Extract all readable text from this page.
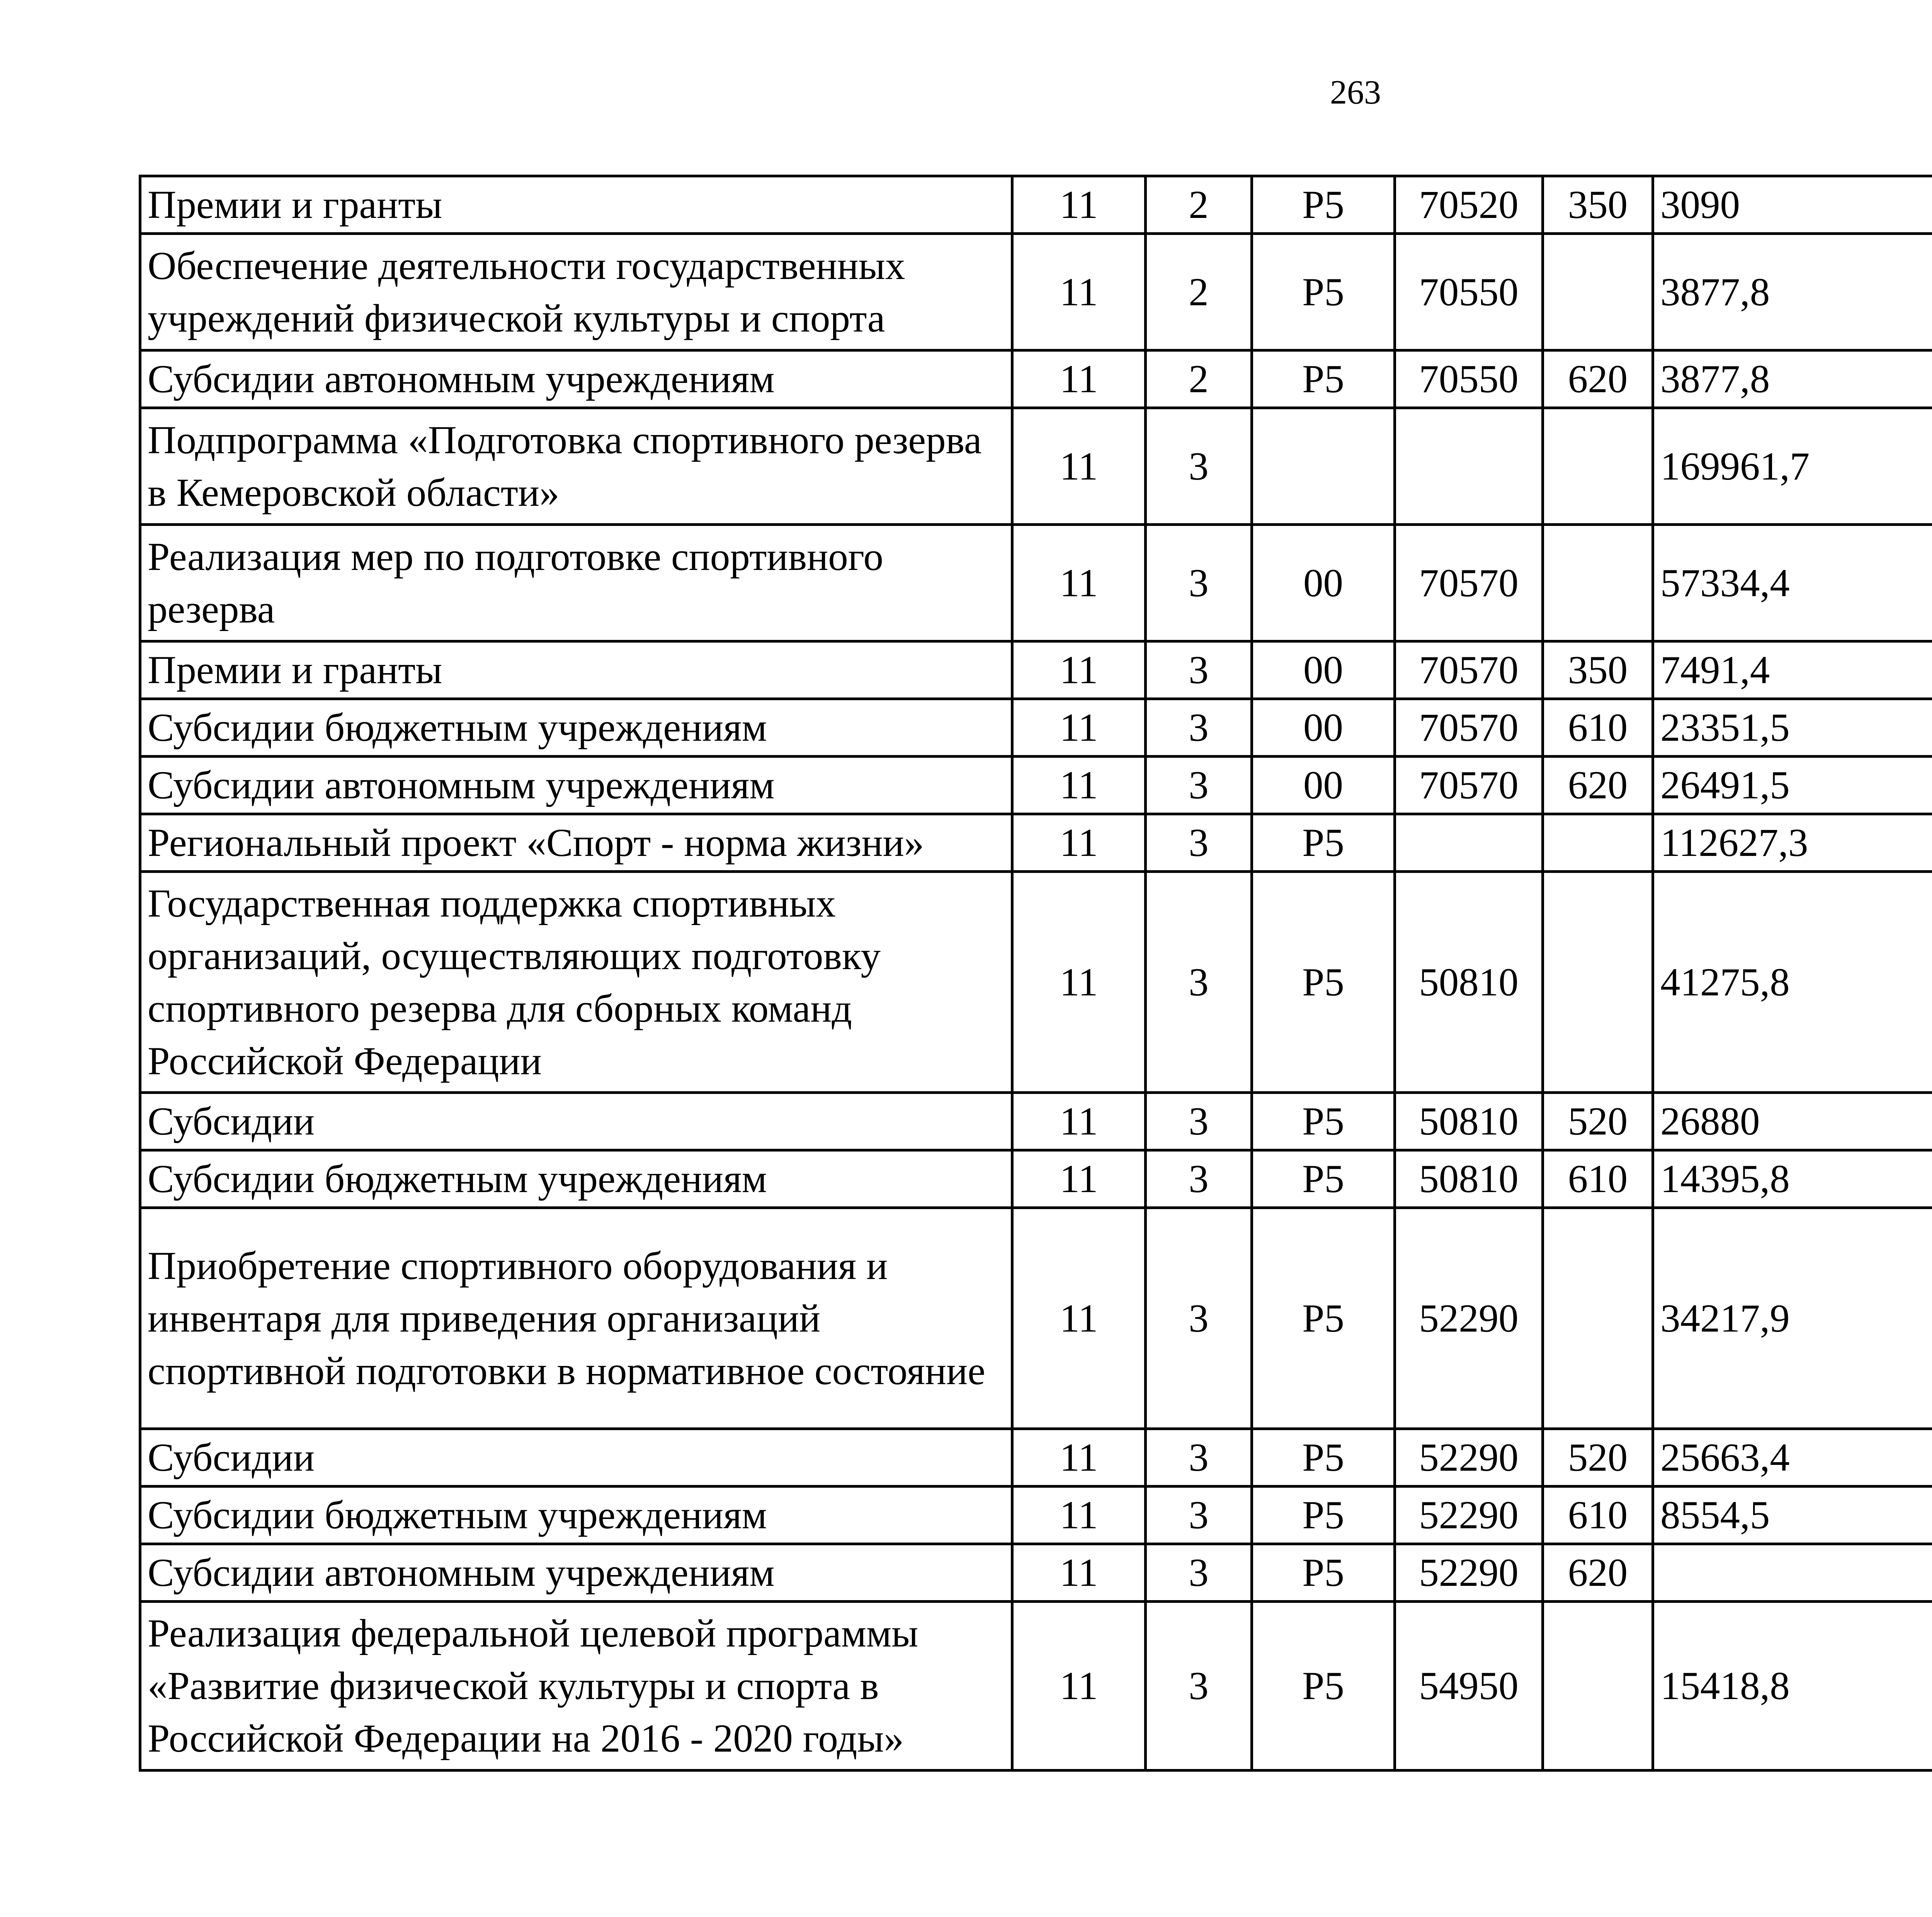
263
Премии и гранты	11	2	P5	70520	350	3090		
Обеспечение деятельности государственных учреждений физической культуры и спорта	11	2	P5	70550		3877,8		
Субсидии автономным учреждениям	11	2	P5	70550	620	3877,8		
Подпрограмма «Подготовка спортивного резерва в Кемеровской области»	11	3				169961,7		
Реализация мер по подготовке спортивного резерва	11	3	00	70570		57334,4		
Премии и гранты	11	3	00	70570	350	7491,4		
Субсидии бюджетным учреждениям	11	3	00	70570	610	23351,5		
Субсидии автономным учреждениям	11	3	00	70570	620	26491,5		
Региональный проект «Спорт - норма жизни»	11	3	P5			112627,3		
Государственная поддержка спортивных организаций, осуществляющих подготовку спортивного резерва для сборных команд Российской Федерации	11	3	P5	50810		41275,8		
Субсидии	11	3	P5	50810	520	26880		
Субсидии бюджетным учреждениям	11	3	P5	50810	610	14395,8		
Приобретение спортивного оборудования и инвентаря для приведения организаций спортивной подготовки в нормативное состояние	11	3	P5	52290		34217,9		
Субсидии	11	3	P5	52290	520	25663,4		
Субсидии бюджетным учреждениям	11	3	P5	52290	610	8554,5		
Субсидии автономным учреждениям	11	3	P5	52290	620			
Реализация федеральной целевой программы «Развитие физической культуры и спорта в Российской Федерации на 2016 - 2020 годы»	11	3	P5	54950		15418,8		
